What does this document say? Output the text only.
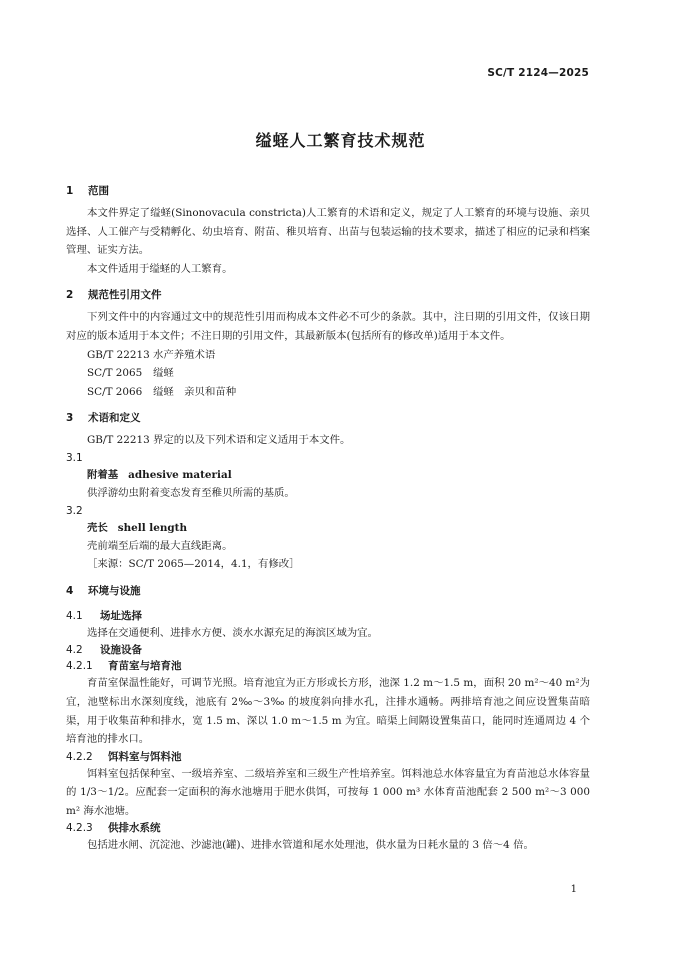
SC/T 2124—2025
缢蛏人工繁育技术规范
1 范围

本文件界定了缢蛏(Sinonovacula constricta)人工繁育的术语和定义，规定了人工繁育的环境与设施、亲贝选择、人工催产与受精孵化、幼虫培育、附苗、稚贝培育、出苗与包装运输的技术要求，描述了相应的记录和档案管理、证实方法。

本文件适用于缢蛏的人工繁育。

2 规范性引用文件

下列文件中的内容通过文中的规范性引用而构成本文件必不可少的条款。其中，注日期的引用文件，仅该日期对应的版本适用于本文件；不注日期的引用文件，其最新版本(包括所有的修改单)适用于本文件。

GB/T 22213 水产养殖术语
SC/T 2065 缢蛏
SC/T 2066 缢蛏　亲贝和苗种
3 术语和定义

GB/T 22213 界定的以及下列术语和定义适用于本文件。

3.1
附着基 adhesive material

供浮游幼虫附着变态发育至稚贝所需的基质。

3.2
壳长 shell length

壳前端至后端的最大直线距离。

［来源：SC/T 2065—2014，4.1，有修改］

4 环境与设施
4.1 场址选择

选择在交通便利、进排水方便、淡水水源充足的海滨区域为宜。

4.2 设施设备
4.2.1 育苗室与培育池

育苗室保温性能好，可调节光照。培育池宜为正方形或长方形，池深 1.2 m～1.5 m，面积 20 m²～40 m²为宜，池壁标出水深刻度线，池底有 2‰～3‰ 的坡度斜向排水孔，注排水通畅。两排培育池之间应设置集苗暗渠，用于收集苗种和排水，宽 1.5 m、深以 1.0 m～1.5 m 为宜。暗渠上间隔设置集苗口，能同时连通周边 4 个培育池的排水口。

4.2.2 饵料室与饵料池

饵料室包括保种室、一级培养室、二级培养室和三级生产性培养室。饵料池总水体容量宜为育苗池总水体容量的 1/3～1/2。应配套一定面积的海水池塘用于肥水供饵，可按每 1 000 m³ 水体育苗池配套 2 500 m²～3 000 m² 海水池塘。

4.2.3 供排水系统

包括进水闸、沉淀池、沙滤池(罐)、进排水管道和尾水处理池，供水量为日耗水量的 3 倍～4 倍。

1
